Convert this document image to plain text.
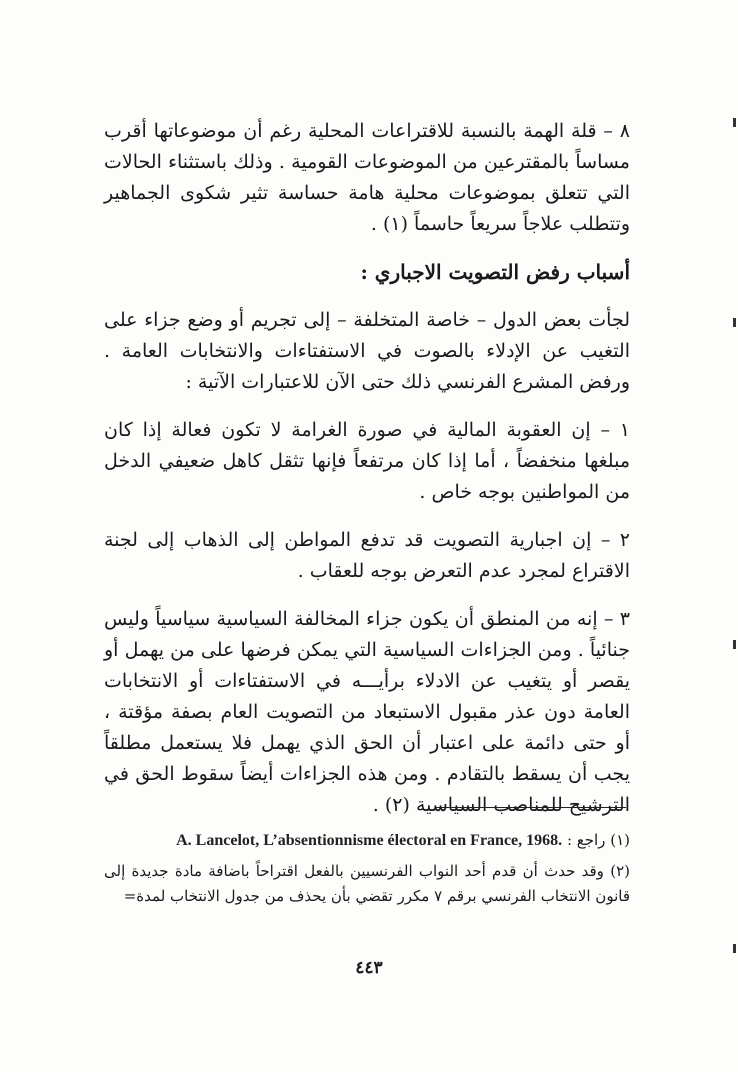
٨ – قلة الهمة بالنسبة للاقتراعات المحلية رغم أن موضوعاتها أقرب مساساً بالمقترعين من الموضوعات القومية . وذلك باستثناء الحالات التي تتعلق بموضوعات محلية هامة حساسة تثير شكوى الجماهير وتتطلب علاجاً سريعاً حاسماً (١) .

أسباب رفض التصويت الاجباري :

لجأت بعض الدول – خاصة المتخلفة – إلى تجريم أو وضع جزاء على التغيب عن الإدلاء بالصوت في الاستفتاءات والانتخابات العامة . ورفض المشرع الفرنسي ذلك حتى الآن للاعتبارات الآتية :

١ – إن العقوبة المالية في صورة الغرامة لا تكون فعالة إذا كان مبلغها منخفضاً ، أما إذا كان مرتفعاً فإنها تثقل كاهل ضعيفي الدخل من المواطنين بوجه خاص .

٢ – إن اجبارية التصويت قد تدفع المواطن إلى الذهاب إلى لجنة الاقتراع لمجرد عدم التعرض بوجه للعقاب .

٣ – إنه من المنطق أن يكون جزاء المخالفة السياسية سياسياً وليس جنائياً . ومن الجزاءات السياسية التي يمكن فرضها على من يهمل أو يقصر أو يتغيب عن الادلاء برأيـــه في الاستفتاءات أو الانتخابات العامة دون عذر مقبول الاستبعاد من التصويت العام بصفة مؤقتة ، أو حتى دائمة على اعتبار أن الحق الذي يهمل فلا يستعمل مطلقاً يجب أن يسقط بالتقادم . ومن هذه الجزاءات أيضاً سقوط الحق في الترشيح للمناصب السياسية (٢) .

(١) راجع : A. Lancelot, L’absentionnisme électoral en France, 1968.
(٢) وقد حدث أن قدم أحد النواب الفرنسيين بالفعل اقتراحاً باضافة مادة جديدة إلى قانون الانتخاب الفرنسي برقم ٧ مكرر تقضي بأن يحذف من جدول الانتخاب لمدة=
٤٤٣
